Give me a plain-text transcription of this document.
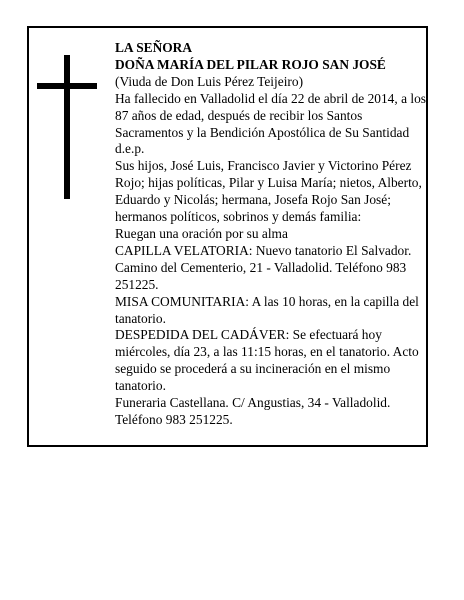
LA SEÑORA

DOÑA MARÍA DEL PILAR ROJO SAN JOSÉ

(Viuda de Don Luis Pérez Teijeiro)

Ha fallecido en Valladolid el día 22 de abril de 2014, a los 87 años de edad, después de recibir los Santos Sacramentos y la Bendición Apostólica de Su Santidad

d.e.p.

Sus hijos, José Luis, Francisco Javier y Victorino Pérez Rojo; hijas políticas, Pilar y Luisa María; nietos, Alberto, Eduardo y Nicolás; hermana, Josefa Rojo San José; hermanos políticos, sobrinos y demás familia:

Ruegan una oración por su alma

CAPILLA VELATORIA: Nuevo tanatorio El Salvador. Camino del Cementerio, 21 - Valladolid. Teléfono 983 251225.

MISA COMUNITARIA: A las 10 horas, en la capilla del tanatorio.

DESPEDIDA DEL CADÁVER: Se efectuará hoy miércoles, día 23, a las 11:15 horas, en el tanatorio. Acto seguido se procederá a su incineración en el mismo tanatorio.

Funeraria Castellana. C/ Angustias, 34 - Valladolid. Teléfono 983 251225.
